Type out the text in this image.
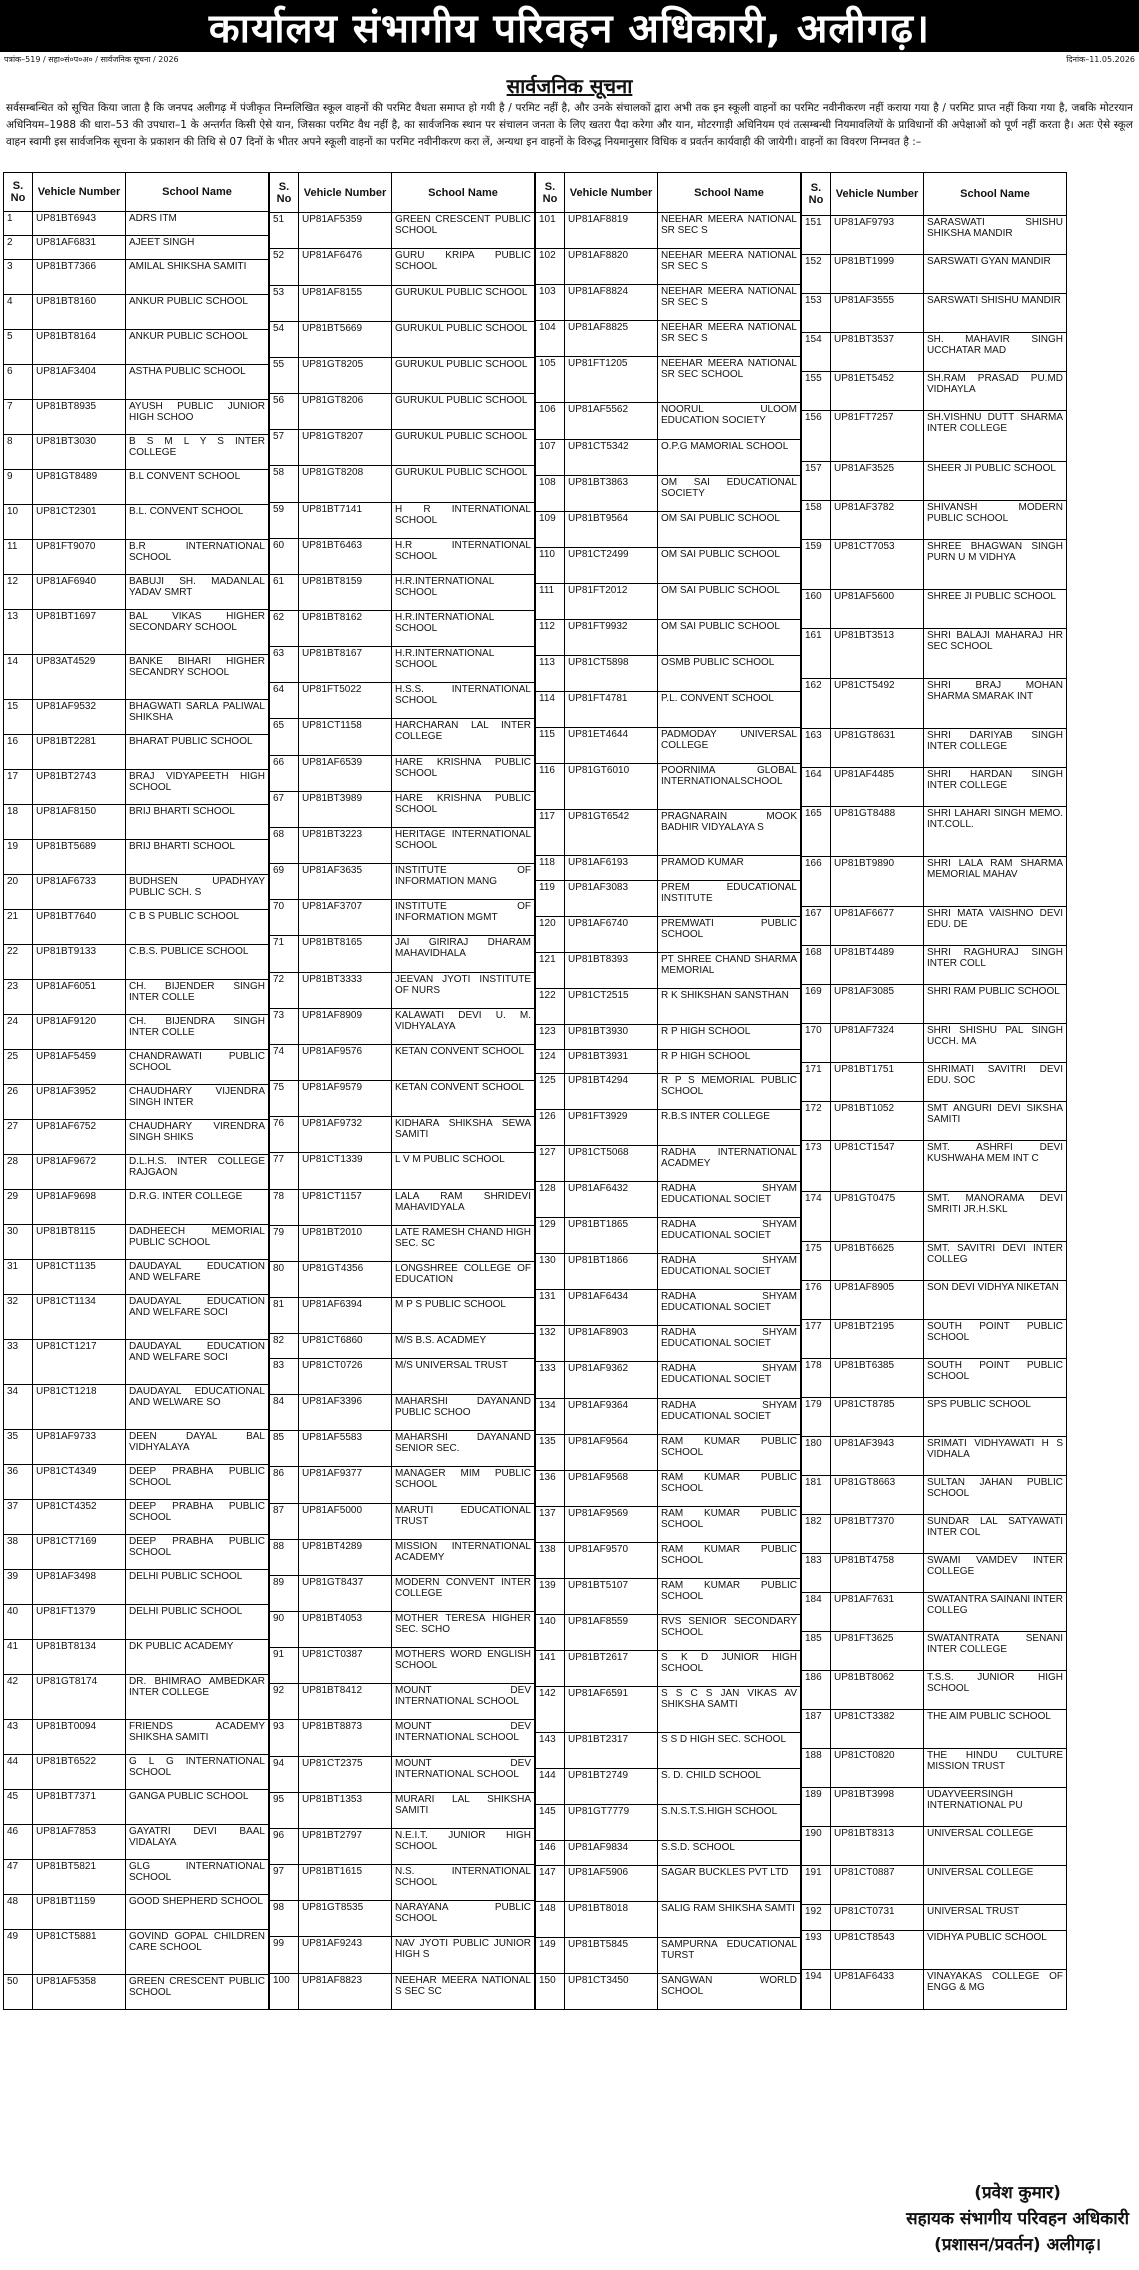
कार्यालय संभागीय परिवहन अधिकारी, अलीगढ़।
पत्रांक–519 / सहा०सं०प०अ० / सार्वजनिक सूचना / 2026	दिनांक–11.05.2026
सार्वजनिक सूचना
सर्वसम्बन्धित को सूचित किया जाता है कि जनपद अलीगढ़ में पंजीकृत निम्नलिखित स्कूल वाहनों की परमिट वैधता समाप्त हो गयी है / परमिट नहीं है, और उनके संचालकों द्वारा अभी तक इन स्कूली वाहनों का परमिट नवीनीकरण नहीं कराया गया है / परमिट प्राप्त नहीं किया गया है, जबकि मोटरयान अधिनियम–1988 की धारा–53 की उपधारा–1 के अन्तर्गत किसी ऐसे यान, जिसका परमिट वैध नहीं है, का सार्वजनिक स्थान पर संचालन जनता के लिए खतरा पैदा करेगा और यान, मोटरगाड़ी अधिनियम एवं तत्सम्बन्धी नियमावलियों के प्राविधानों की अपेक्षाओं को पूर्ण नहीं करता है। अतः ऐसे स्कूल वाहन स्वामी इस सार्वजनिक सूचना के प्रकाशन की तिथि से 07 दिनों के भीतर अपने स्कूली वाहनों का परमिट नवीनीकरण करा लें, अन्यथा इन वाहनों के विरुद्ध नियमानुसार विधिक व प्रवर्तन कार्यवाही की जायेगी। वाहनों का विवरण निम्नवत है :–
S. No	Vehicle Number	School Name
1	UP81BT6943	ADRS ITM
2	UP81AF6831	AJEET SINGH
3	UP81BT7366	AMILAL SHIKSHA SAMITI
4	UP81BT8160	ANKUR PUBLIC SCHOOL
5	UP81BT8164	ANKUR PUBLIC SCHOOL
6	UP81AF3404	ASTHA PUBLIC SCHOOL
7	UP81BT8935	AYUSH PUBLIC JUNIOR HIGH SCHOO
8	UP81BT3030	B S M L Y S INTER COLLEGE
9	UP81GT8489	B.L CONVENT SCHOOL
10	UP81CT2301	B.L. CONVENT SCHOOL
11	UP81FT9070	B.R INTERNATIONAL SCHOOL
12	UP81AF6940	BABUJI SH. MADANLAL YADAV SMRT
13	UP81BT1697	BAL VIKAS HIGHER SECONDARY SCHOOL
14	UP83AT4529	BANKE BIHARI HIGHER SECANDRY SCHOOL
15	UP81AF9532	BHAGWATI SARLA PALIWAL SHIKSHA
16	UP81BT2281	BHARAT PUBLIC SCHOOL
17	UP81BT2743	BRAJ VIDYAPEETH HIGH SCHOOL
18	UP81AF8150	BRIJ BHARTI SCHOOL
19	UP81BT5689	BRIJ BHARTI SCHOOL
20	UP81AF6733	BUDHSEN UPADHYAY PUBLIC SCH. S
21	UP81BT7640	C B S PUBLIC SCHOOL
22	UP81BT9133	C.B.S. PUBLICE SCHOOL
23	UP81AF6051	CH. BIJENDER SINGH INTER COLLE
24	UP81AF9120	CH. BIJENDRA SINGH INTER COLLE
25	UP81AF5459	CHANDRAWATI PUBLIC SCHOOL
26	UP81AF3952	CHAUDHARY VIJENDRA SINGH INTER
27	UP81AF6752	CHAUDHARY VIRENDRA SINGH SHIKS
28	UP81AF9672	D.L.H.S. INTER COLLEGE RAJGAON
29	UP81AF9698	D.R.G. INTER COLLEGE
30	UP81BT8115	DADHEECH MEMORIAL PUBLIC SCHOOL
31	UP81CT1135	DAUDAYAL EDUCATION AND WELFARE
32	UP81CT1134	DAUDAYAL EDUCATION AND WELFARE SOCI
33	UP81CT1217	DAUDAYAL EDUCATION AND WELFARE SOCI
34	UP81CT1218	DAUDAYAL EDUCATIONAL AND WELWARE SO
35	UP81AF9733	DEEN DAYAL BAL VIDHYALAYA
36	UP81CT4349	DEEP PRABHA PUBLIC SCHOOL
37	UP81CT4352	DEEP PRABHA PUBLIC SCHOOL
38	UP81CT7169	DEEP PRABHA PUBLIC SCHOOL
39	UP81AF3498	DELHI PUBLIC SCHOOL
40	UP81FT1379	DELHI PUBLIC SCHOOL
41	UP81BT8134	DK PUBLIC ACADEMY
42	UP81GT8174	DR. BHIMRAO AMBEDKAR INTER COLLEGE
43	UP81BT0094	FRIENDS ACADEMY SHIKSHA SAMITI
44	UP81BT6522	G L G INTERNATIONAL SCHOOL
45	UP81BT7371	GANGA PUBLIC SCHOOL
46	UP81AF7853	GAYATRI DEVI BAAL VIDALAYA
47	UP81BT5821	GLG INTERNATIONAL SCHOOL
48	UP81BT1159	GOOD SHEPHERD SCHOOL
49	UP81CT5881	GOVIND GOPAL CHILDREN CARE SCHOOL
50	UP81AF5358	GREEN CRESCENT PUBLIC SCHOOL
S. No	Vehicle Number	School Name
51	UP81AF5359	GREEN CRESCENT PUBLIC SCHOOL
52	UP81AF6476	GURU KRIPA PUBLIC SCHOOL
53	UP81AF8155	GURUKUL PUBLIC SCHOOL
54	UP81BT5669	GURUKUL PUBLIC SCHOOL
55	UP81GT8205	GURUKUL PUBLIC SCHOOL
56	UP81GT8206	GURUKUL PUBLIC SCHOOL
57	UP81GT8207	GURUKUL PUBLIC SCHOOL
58	UP81GT8208	GURUKUL PUBLIC SCHOOL
59	UP81BT7141	H R INTERNATIONAL SCHOOL
60	UP81BT6463	H.R INTERNATIONAL SCHOOL
61	UP81BT8159	H.R.INTERNATIONAL SCHOOL
62	UP81BT8162	H.R.INTERNATIONAL SCHOOL
63	UP81BT8167	H.R.INTERNATIONAL SCHOOL
64	UP81FT5022	H.S.S. INTERNATIONAL SCHOOL
65	UP81CT1158	HARCHARAN LAL INTER COLLEGE
66	UP81AF6539	HARE KRISHNA PUBLIC SCHOOL
67	UP81BT3989	HARE KRISHNA PUBLIC SCHOOL
68	UP81BT3223	HERITAGE INTERNATIONAL SCHOOL
69	UP81AF3635	INSTITUTE OF INFORMATION MANG
70	UP81AF3707	INSTITUTE OF INFORMATION MGMT
71	UP81BT8165	JAI GIRIRAJ DHARAM MAHAVIDHALA
72	UP81BT3333	JEEVAN JYOTI INSTITUTE OF NURS
73	UP81AF8909	KALAWATI DEVI U. M. VIDHYALAYA
74	UP81AF9576	KETAN CONVENT SCHOOL
75	UP81AF9579	KETAN CONVENT SCHOOL
76	UP81AF9732	KIDHARA SHIKSHA SEWA SAMITI
77	UP81CT1339	L V M PUBLIC SCHOOL
78	UP81CT1157	LALA RAM SHRIDEVI MAHAVIDYALA
79	UP81BT2010	LATE RAMESH CHAND HIGH SEC. SC
80	UP81GT4356	LONGSHREE COLLEGE OF EDUCATION
81	UP81AF6394	M P S PUBLIC SCHOOL
82	UP81CT6860	M/S B.S. ACADMEY
83	UP81CT0726	M/S UNIVERSAL TRUST
84	UP81AF3396	MAHARSHI DAYANAND PUBLIC SCHOO
85	UP81AF5583	MAHARSHI DAYANAND SENIOR SEC.
86	UP81AF9377	MANAGER MIM PUBLIC SCHOOL
87	UP81AF5000	MARUTI EDUCATIONAL TRUST
88	UP81BT4289	MISSION INTERNATIONAL ACADEMY
89	UP81GT8437	MODERN CONVENT INTER COLLEGE
90	UP81BT4053	MOTHER TERESA HIGHER SEC. SCHO
91	UP81CT0387	MOTHERS WORD ENGLISH SCHOOL
92	UP81BT8412	MOUNT DEV INTERNATIONAL SCHOOL
93	UP81BT8873	MOUNT DEV INTERNATIONAL SCHOOL
94	UP81CT2375	MOUNT DEV INTERNATIONAL SCHOOL
95	UP81BT1353	MURARI LAL SHIKSHA SAMITI
96	UP81BT2797	N.E.I.T. JUNIOR HIGH SCHOOL
97	UP81BT1615	N.S. INTERNATIONAL SCHOOL
98	UP81GT8535	NARAYANA PUBLIC SCHOOL
99	UP81AF9243	NAV JYOTI PUBLIC JUNIOR HIGH S
100	UP81AF8823	NEEHAR MEERA NATIONAL S SEC SC
S. No	Vehicle Number	School Name
101	UP81AF8819	NEEHAR MEERA NATIONAL SR SEC S
102	UP81AF8820	NEEHAR MEERA NATIONAL SR SEC S
103	UP81AF8824	NEEHAR MEERA NATIONAL SR SEC S
104	UP81AF8825	NEEHAR MEERA NATIONAL SR SEC S
105	UP81FT1205	NEEHAR MEERA NATIONAL SR SEC SCHOOL
106	UP81AF5562	NOORUL ULOOM EDUCATION SOCIETY
107	UP81CT5342	O.P.G MAMORIAL SCHOOL
108	UP81BT3863	OM SAI EDUCATIONAL SOCIETY
109	UP81BT9564	OM SAI PUBLIC SCHOOL
110	UP81CT2499	OM SAI PUBLIC SCHOOL
111	UP81FT2012	OM SAI PUBLIC SCHOOL
112	UP81FT9932	OM SAI PUBLIC SCHOOL
113	UP81CT5898	OSMB PUBLIC SCHOOL
114	UP81FT4781	P.L. CONVENT SCHOOL
115	UP81ET4644	PADMODAY UNIVERSAL COLLEGE
116	UP81GT6010	POORNIMA GLOBAL INTERNATIONALSCHOOL
117	UP81GT6542	PRAGNARAIN MOOK BADHIR VIDYALAYA S
118	UP81AF6193	PRAMOD KUMAR
119	UP81AF3083	PREM EDUCATIONAL INSTITUTE
120	UP81AF6740	PREMWATI PUBLIC SCHOOL
121	UP81BT8393	PT SHREE CHAND SHARMA MEMORIAL
122	UP81CT2515	R K SHIKSHAN SANSTHAN
123	UP81BT3930	R P HIGH SCHOOL
124	UP81BT3931	R P HIGH SCHOOL
125	UP81BT4294	R P S MEMORIAL PUBLIC SCHOOL
126	UP81FT3929	R.B.S INTER COLLEGE
127	UP81CT5068	RADHA INTERNATIONAL ACADMEY
128	UP81AF6432	RADHA SHYAM EDUCATIONAL SOCIET
129	UP81BT1865	RADHA SHYAM EDUCATIONAL SOCIET
130	UP81BT1866	RADHA SHYAM EDUCATIONAL SOCIET
131	UP81AF6434	RADHA SHYAM EDUCATIONAL SOCIET
132	UP81AF8903	RADHA SHYAM EDUCATIONAL SOCIET
133	UP81AF9362	RADHA SHYAM EDUCATIONAL SOCIET
134	UP81AF9364	RADHA SHYAM EDUCATIONAL SOCIET
135	UP81AF9564	RAM KUMAR PUBLIC SCHOOL
136	UP81AF9568	RAM KUMAR PUBLIC SCHOOL
137	UP81AF9569	RAM KUMAR PUBLIC SCHOOL
138	UP81AF9570	RAM KUMAR PUBLIC SCHOOL
139	UP81BT5107	RAM KUMAR PUBLIC SCHOOL
140	UP81AF8559	RVS SENIOR SECONDARY SCHOOL
141	UP81BT2617	S K D JUNIOR HIGH SCHOOL
142	UP81AF6591	S S C S JAN VIKAS AV SHIKSHA SAMTI
143	UP81BT2317	S S D HIGH SEC. SCHOOL
144	UP81BT2749	S. D. CHILD SCHOOL
145	UP81GT7779	S.N.S.T.S.HIGH SCHOOL
146	UP81AF9834	S.S.D. SCHOOL
147	UP81AF5906	SAGAR BUCKLES PVT LTD
148	UP81BT8018	SALIG RAM SHIKSHA SAMTI
149	UP81BT5845	SAMPURNA EDUCATIONAL TURST
150	UP81CT3450	SANGWAN WORLD SCHOOL
S. No	Vehicle Number	School Name
151	UP81AF9793	SARASWATI SHISHU SHIKSHA MANDIR
152	UP81BT1999	SARSWATI GYAN MANDIR
153	UP81AF3555	SARSWATI SHISHU MANDIR
154	UP81BT3537	SH. MAHAVIR SINGH UCCHATAR MAD
155	UP81ET5452	SH.RAM PRASAD PU.MD VIDHAYLA
156	UP81FT7257	SH.VISHNU DUTT SHARMA INTER COLLEGE
157	UP81AF3525	SHEER JI PUBLIC SCHOOL
158	UP81AF3782	SHIVANSH MODERN PUBLIC SCHOOL
159	UP81CT7053	SHREE BHAGWAN SINGH PURN U M VIDHYA
160	UP81AF5600	SHREE JI PUBLIC SCHOOL
161	UP81BT3513	SHRI BALAJI MAHARAJ HR SEC SCHOOL
162	UP81CT5492	SHRI BRAJ MOHAN SHARMA SMARAK INT
163	UP81GT8631	SHRI DARIYAB SINGH INTER COLLEGE
164	UP81AF4485	SHRI HARDAN SINGH INTER COLLEGE
165	UP81GT8488	SHRI LAHARI SINGH MEMO. INT.COLL.
166	UP81BT9890	SHRI LALA RAM SHARMA MEMORIAL MAHAV
167	UP81AF6677	SHRI MATA VAISHNO DEVI EDU. DE
168	UP81BT4489	SHRI RAGHURAJ SINGH INTER COLL
169	UP81AF3085	SHRI RAM PUBLIC SCHOOL
170	UP81AF7324	SHRI SHISHU PAL SINGH UCCH. MA
171	UP81BT1751	SHRIMATI SAVITRI DEVI EDU. SOC
172	UP81BT1052	SMT ANGURI DEVI SIKSHA SAMITI
173	UP81CT1547	SMT. ASHRFI DEVI KUSHWAHA MEM INT C
174	UP81GT0475	SMT. MANORAMA DEVI SMRITI JR.H.SKL
175	UP81BT6625	SMT. SAVITRI DEVI INTER COLLEG
176	UP81AF8905	SON DEVI VIDHYA NIKETAN
177	UP81BT2195	SOUTH POINT PUBLIC SCHOOL
178	UP81BT6385	SOUTH POINT PUBLIC SCHOOL
179	UP81CT8785	SPS PUBLIC SCHOOL
180	UP81AF3943	SRIMATI VIDHYAWATI H S VIDHALA
181	UP81GT8663	SULTAN JAHAN PUBLIC SCHOOL
182	UP81BT7370	SUNDAR LAL SATYAWATI INTER COL
183	UP81BT4758	SWAMI VAMDEV INTER COLLEGE
184	UP81AF7631	SWATANTRA SAINANI INTER COLLEG
185	UP81FT3625	SWATANTRATA SENANI INTER COLLEGE
186	UP81BT8062	T.S.S. JUNIOR HIGH SCHOOL
187	UP81CT3382	THE AIM PUBLIC SCHOOL
188	UP81CT0820	THE HINDU CULTURE MISSION TRUST
189	UP81BT3998	UDAYVEERSINGH INTERNATIONAL PU
190	UP81BT8313	UNIVERSAL COLLEGE
191	UP81CT0887	UNIVERSAL COLLEGE
192	UP81CT0731	UNIVERSAL TRUST
193	UP81CT8543	VIDHYA PUBLIC SCHOOL
194	UP81AF6433	VINAYAKAS COLLEGE OF ENGG & MG
(प्रवेश कुमार)
सहायक संभागीय परिवहन अधिकारी
(प्रशासन/प्रवर्तन) अलीगढ़।
